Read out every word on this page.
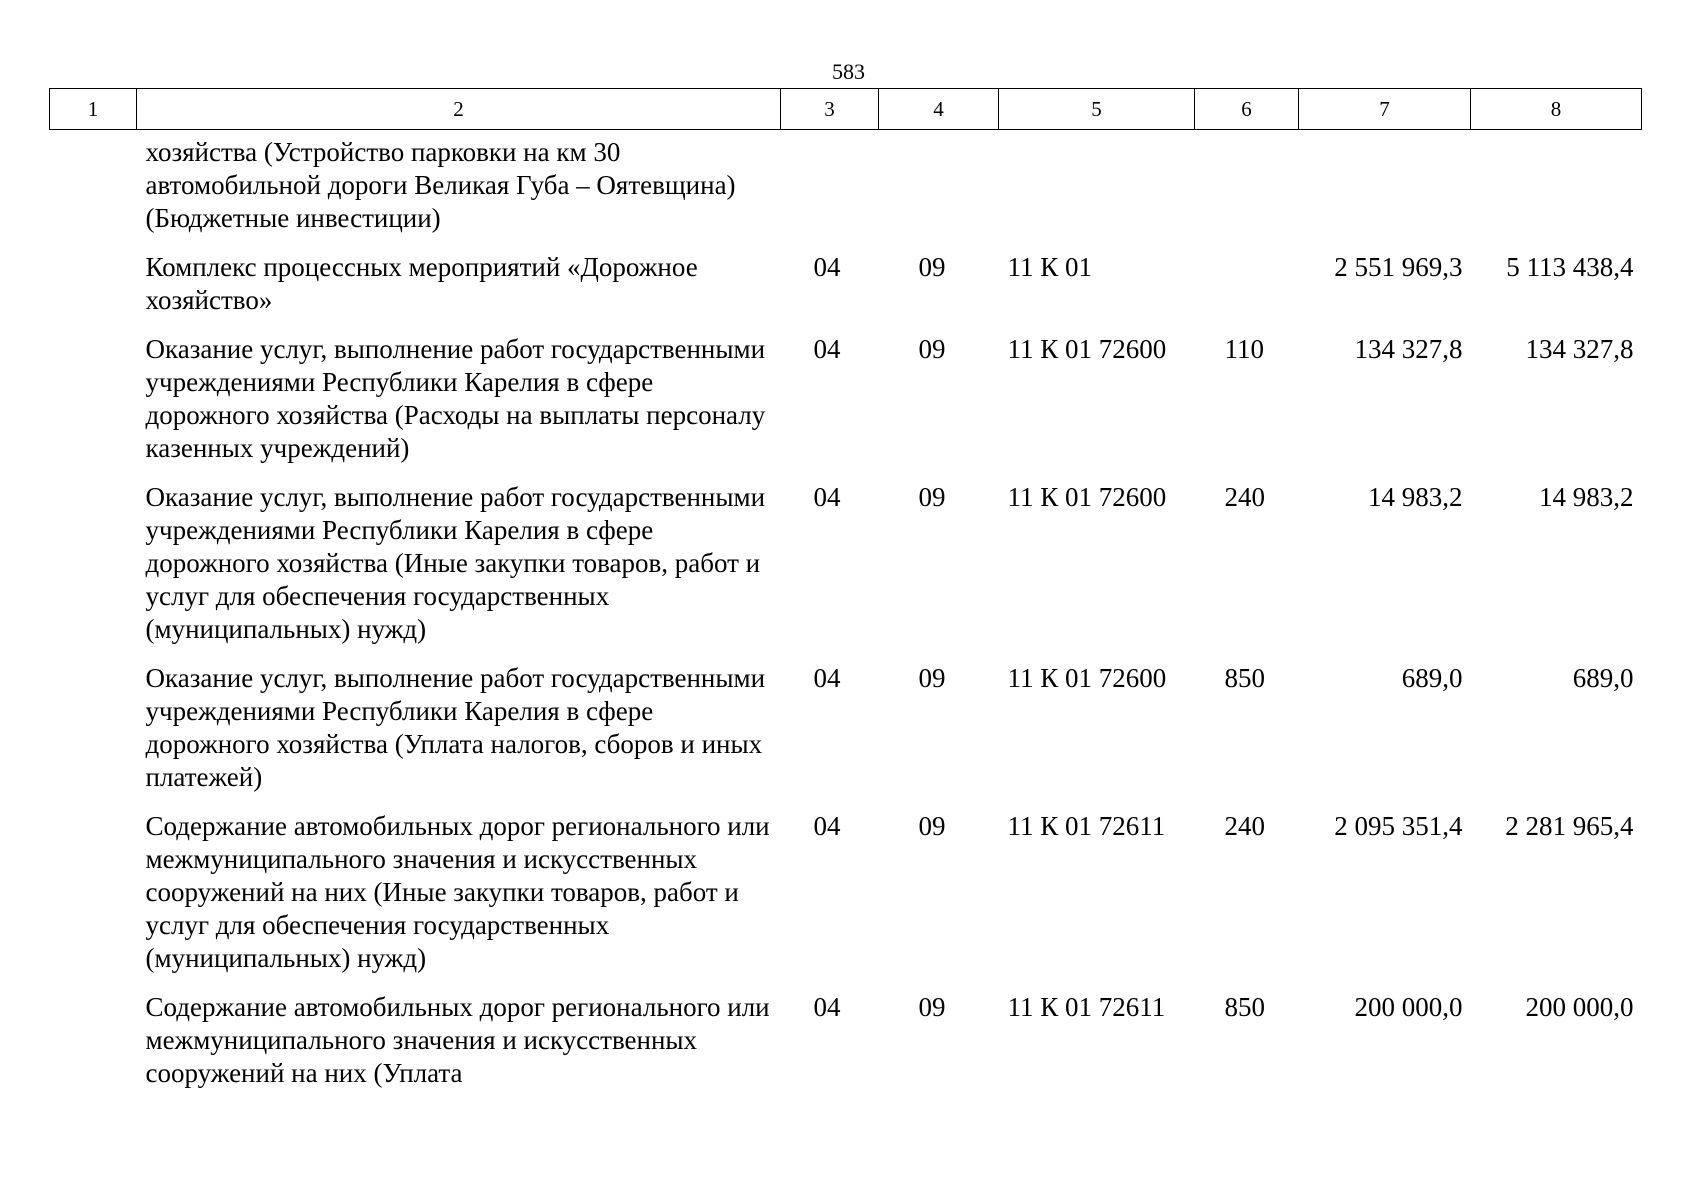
583
1	2	3	4	5	6	7	8
	хозяйства (Устройство парковки на км 30 автомобильной дороги Великая Губа – Оятевщина) (Бюджетные инвестиции)						
	Комплекс процессных мероприятий «Дорожное хозяйство»	04	09	11 К 01		2 551 969,3	5 113 438,4
	Оказание услуг, выполнение работ государственными учреждениями Республики Карелия в сфере дорожного хозяйства (Расходы на выплаты персоналу казенных учреждений)	04	09	11 К 01 72600	110	134 327,8	134 327,8
	Оказание услуг, выполнение работ государственными учреждениями Республики Карелия в сфере дорожного хозяйства (Иные закупки товаров, работ и услуг для обеспечения государственных (муниципальных) нужд)	04	09	11 К 01 72600	240	14 983,2	14 983,2
	Оказание услуг, выполнение работ государственными учреждениями Республики Карелия в сфере дорожного хозяйства (Уплата налогов, сборов и иных платежей)	04	09	11 К 01 72600	850	689,0	689,0
	Содержание автомобильных дорог регионального или межмуниципального значения и искусственных сооружений на них (Иные закупки товаров, работ и услуг для обеспечения государственных (муниципальных) нужд)	04	09	11 К 01 72611	240	2 095 351,4	2 281 965,4
	Содержание автомобильных дорог регионального или межмуниципального значения и искусственных сооружений на них (Уплата	04	09	11 К 01 72611	850	200 000,0	200 000,0
